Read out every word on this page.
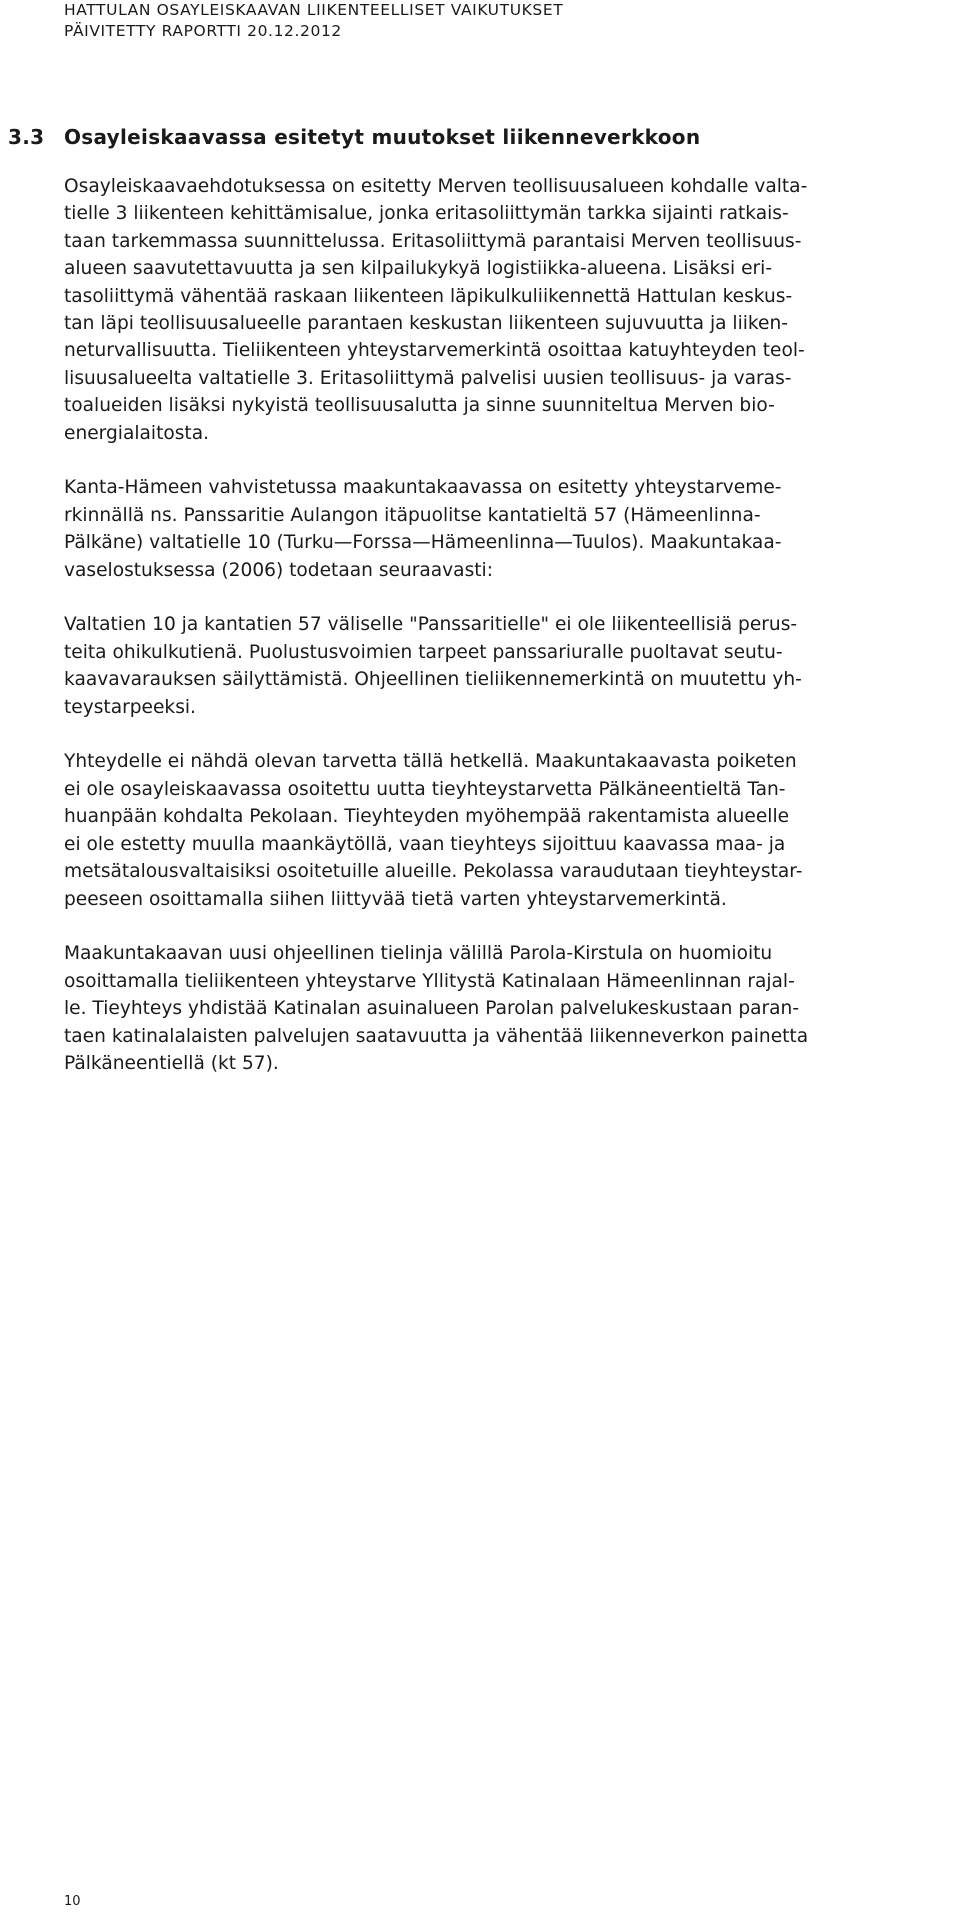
HATTULAN OSAYLEISKAAVAN LIIKENTEELLISET VAIKUTUKSET
PÄIVITETTY RAPORTTI 20.12.2012
3.3 Osayleiskaavassa esitetyt muutokset liikenneverkkoon
Osayleiskaavaehdotuksessa on esitetty Merven teollisuusalueen kohdalle valta-
tielle 3 liikenteen kehittämisalue, jonka eritasoliittymän tarkka sijainti ratkais-
taan tarkemmassa suunnittelussa. Eritasoliittymä parantaisi Merven teollisuus-
alueen saavutettavuutta ja sen kilpailukykyä logistiikka-alueena. Lisäksi eri-
tasoliittymä vähentää raskaan liikenteen läpikulkuliikennettä Hattulan keskus-
tan läpi teollisuusalueelle parantaen keskustan liikenteen sujuvuutta ja liiken-
neturvallisuutta. Tieliikenteen yhteystarvemerkintä osoittaa katuyhteyden teol-
lisuusalueelta valtatielle 3. Eritasoliittymä palvelisi uusien teollisuus- ja varas-
toalueiden lisäksi nykyistä teollisuusalutta ja sinne suunniteltua Merven bio-
energialaitosta.
Kanta-Hämeen vahvistetussa maakuntakaavassa on esitetty yhteystarveme-
rkinnällä ns. Panssaritie Aulangon itäpuolitse kantatieltä 57 (Hämeenlinna-
Pälkäne) valtatielle 10 (Turku—Forssa—Hämeenlinna—Tuulos). Maakuntakaa-
vaselostuksessa (2006) todetaan seuraavasti:
Valtatien 10 ja kantatien 57 väliselle "Panssaritielle" ei ole liikenteellisiä perus-
teita ohikulkutienä. Puolustusvoimien tarpeet panssariuralle puoltavat seutu-
kaavavarauksen säilyttämistä. Ohjeellinen tieliikennemerkintä on muutettu yh-
teystarpeeksi.
Yhteydelle ei nähdä olevan tarvetta tällä hetkellä. Maakuntakaavasta poiketen
ei ole osayleiskaavassa osoitettu uutta tieyhteystarvetta Pälkäneentieltä Tan-
huanpään kohdalta Pekolaan. Tieyhteyden myöhempää rakentamista alueelle
ei ole estetty muulla maankäytöllä, vaan tieyhteys sijoittuu kaavassa maa- ja
metsätalousvaltaisiksi osoitetuille alueille. Pekolassa varaudutaan tieyhteystar-
peeseen osoittamalla siihen liittyvää tietä varten yhteystarvemerkintä.
Maakuntakaavan uusi ohjeellinen tielinja välillä Parola-Kirstula on huomioitu
osoittamalla tieliikenteen yhteystarve Yllitystä Katinalaan Hämeenlinnan rajal-
le. Tieyhteys yhdistää Katinalan asuinalueen Parolan palvelukeskustaan paran-
taen katinalalaisten palvelujen saatavuutta ja vähentää liikenneverkon painetta
Pälkäneentiellä (kt 57).
10
